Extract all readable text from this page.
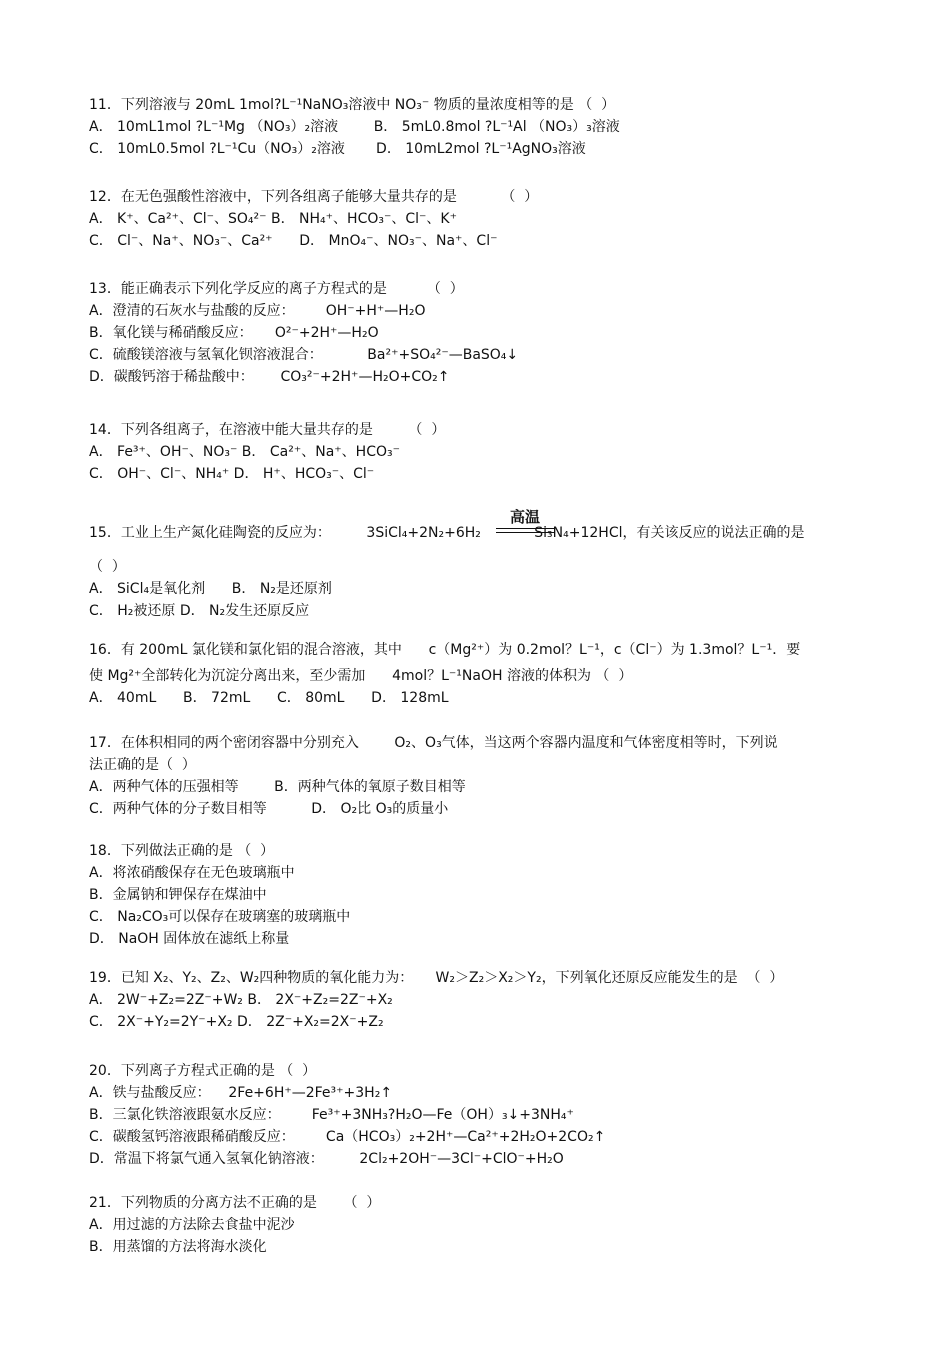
11．下列溶液与 20mL 1mol?L⁻¹NaNO₃溶液中 NO₃⁻ 物质的量浓度相等的是 （  ）
A． 10mL1mol ?L⁻¹Mg （NO₃）₂溶液        B． 5mL0.8mol ?L⁻¹Al （NO₃）₃溶液
C． 10mL0.5mol ?L⁻¹Cu（NO₃）₂溶液       D． 10mL2mol ?L⁻¹AgNO₃溶液
12．在无色强酸性溶液中，下列各组离子能够大量共存的是          （  ）
A． K⁺、Ca²⁺、Cl⁻、SO₄²⁻ B． NH₄⁺、HCO₃⁻、Cl⁻、K⁺
C． Cl⁻、Na⁺、NO₃⁻、Ca²⁺      D． MnO₄⁻、NO₃⁻、Na⁺、Cl⁻
13．能正确表示下列化学反应的离子方程式的是         （  ）
A．澄清的石灰水与盐酸的反应：       OH⁻+H⁺—H₂O
B．氧化镁与稀硝酸反应：     O²⁻+2H⁺—H₂O
C．硫酸镁溶液与氢氧化钡溶液混合：          Ba²⁺+SO₄²⁻—BaSO₄↓
D．碳酸钙溶于稀盐酸中：      CO₃²⁻+2H⁺—H₂O+CO₂↑
14．下列各组离子，在溶液中能大量共存的是        （  ）
A． Fe³⁺、OH⁻、NO₃⁻ B． Ca²⁺、Na⁺、HCO₃⁻
C． OH⁻、Cl⁻、NH₄⁺ D． H⁺、HCO₃⁻、Cl⁻
高温
15．工业上生产氮化硅陶瓷的反应为：        3SiCl₄+2N₂+6H₂            Si₃N₄+12HCl，有关该反应的说法正确的是
（  ）
A． SiCl₄是氧化剂      B． N₂是还原剂
C． H₂被还原 D． N₂发生还原反应
16．有 200mL 氯化镁和氯化铝的混合溶液，其中      c（Mg²⁺）为 0.2mol？L⁻¹，c（Cl⁻）为 1.3mol？L⁻¹．要
使 Mg²⁺全部转化为沉淀分离出来，至少需加      4mol？L⁻¹NaOH 溶液的体积为 （  ）
A． 40mL      B． 72mL      C． 80mL      D． 128mL
17．在体积相同的两个密闭容器中分别充入        O₂、O₃气体，当这两个容器内温度和气体密度相等时，下列说
法正确的是（  ）
A．两种气体的压强相等        B．两种气体的氧原子数目相等
C．两种气体的分子数目相等          D． O₂比 O₃的质量小
18．下列做法正确的是 （  ）
A．将浓硝酸保存在无色玻璃瓶中
B．金属钠和钾保存在煤油中
C． Na₂CO₃可以保存在玻璃塞的玻璃瓶中
D． NaOH 固体放在滤纸上称量
19．已知 X₂、Y₂、Z₂、W₂四种物质的氧化能力为：     W₂＞Z₂＞X₂＞Y₂，下列氧化还原反应能发生的是  （  ）
A． 2W⁻+Z₂=2Z⁻+W₂ B． 2X⁻+Z₂=2Z⁻+X₂
C． 2X⁻+Y₂=2Y⁻+X₂ D． 2Z⁻+X₂=2X⁻+Z₂
20．下列离子方程式正确的是 （  ）
A．铁与盐酸反应：    2Fe+6H⁺—2Fe³⁺+3H₂↑
B．三氯化铁溶液跟氨水反应：       Fe³⁺+3NH₃?H₂O—Fe（OH）₃↓+3NH₄⁺
C．碳酸氢钙溶液跟稀硝酸反应：       Ca（HCO₃）₂+2H⁺—Ca²⁺+2H₂O+2CO₂↑
D．常温下将氯气通入氢氧化钠溶液：        2Cl₂+2OH⁻—3Cl⁻+ClO⁻+H₂O
21．下列物质的分离方法不正确的是      （  ）
A．用过滤的方法除去食盐中泥沙
B．用蒸馏的方法将海水淡化
